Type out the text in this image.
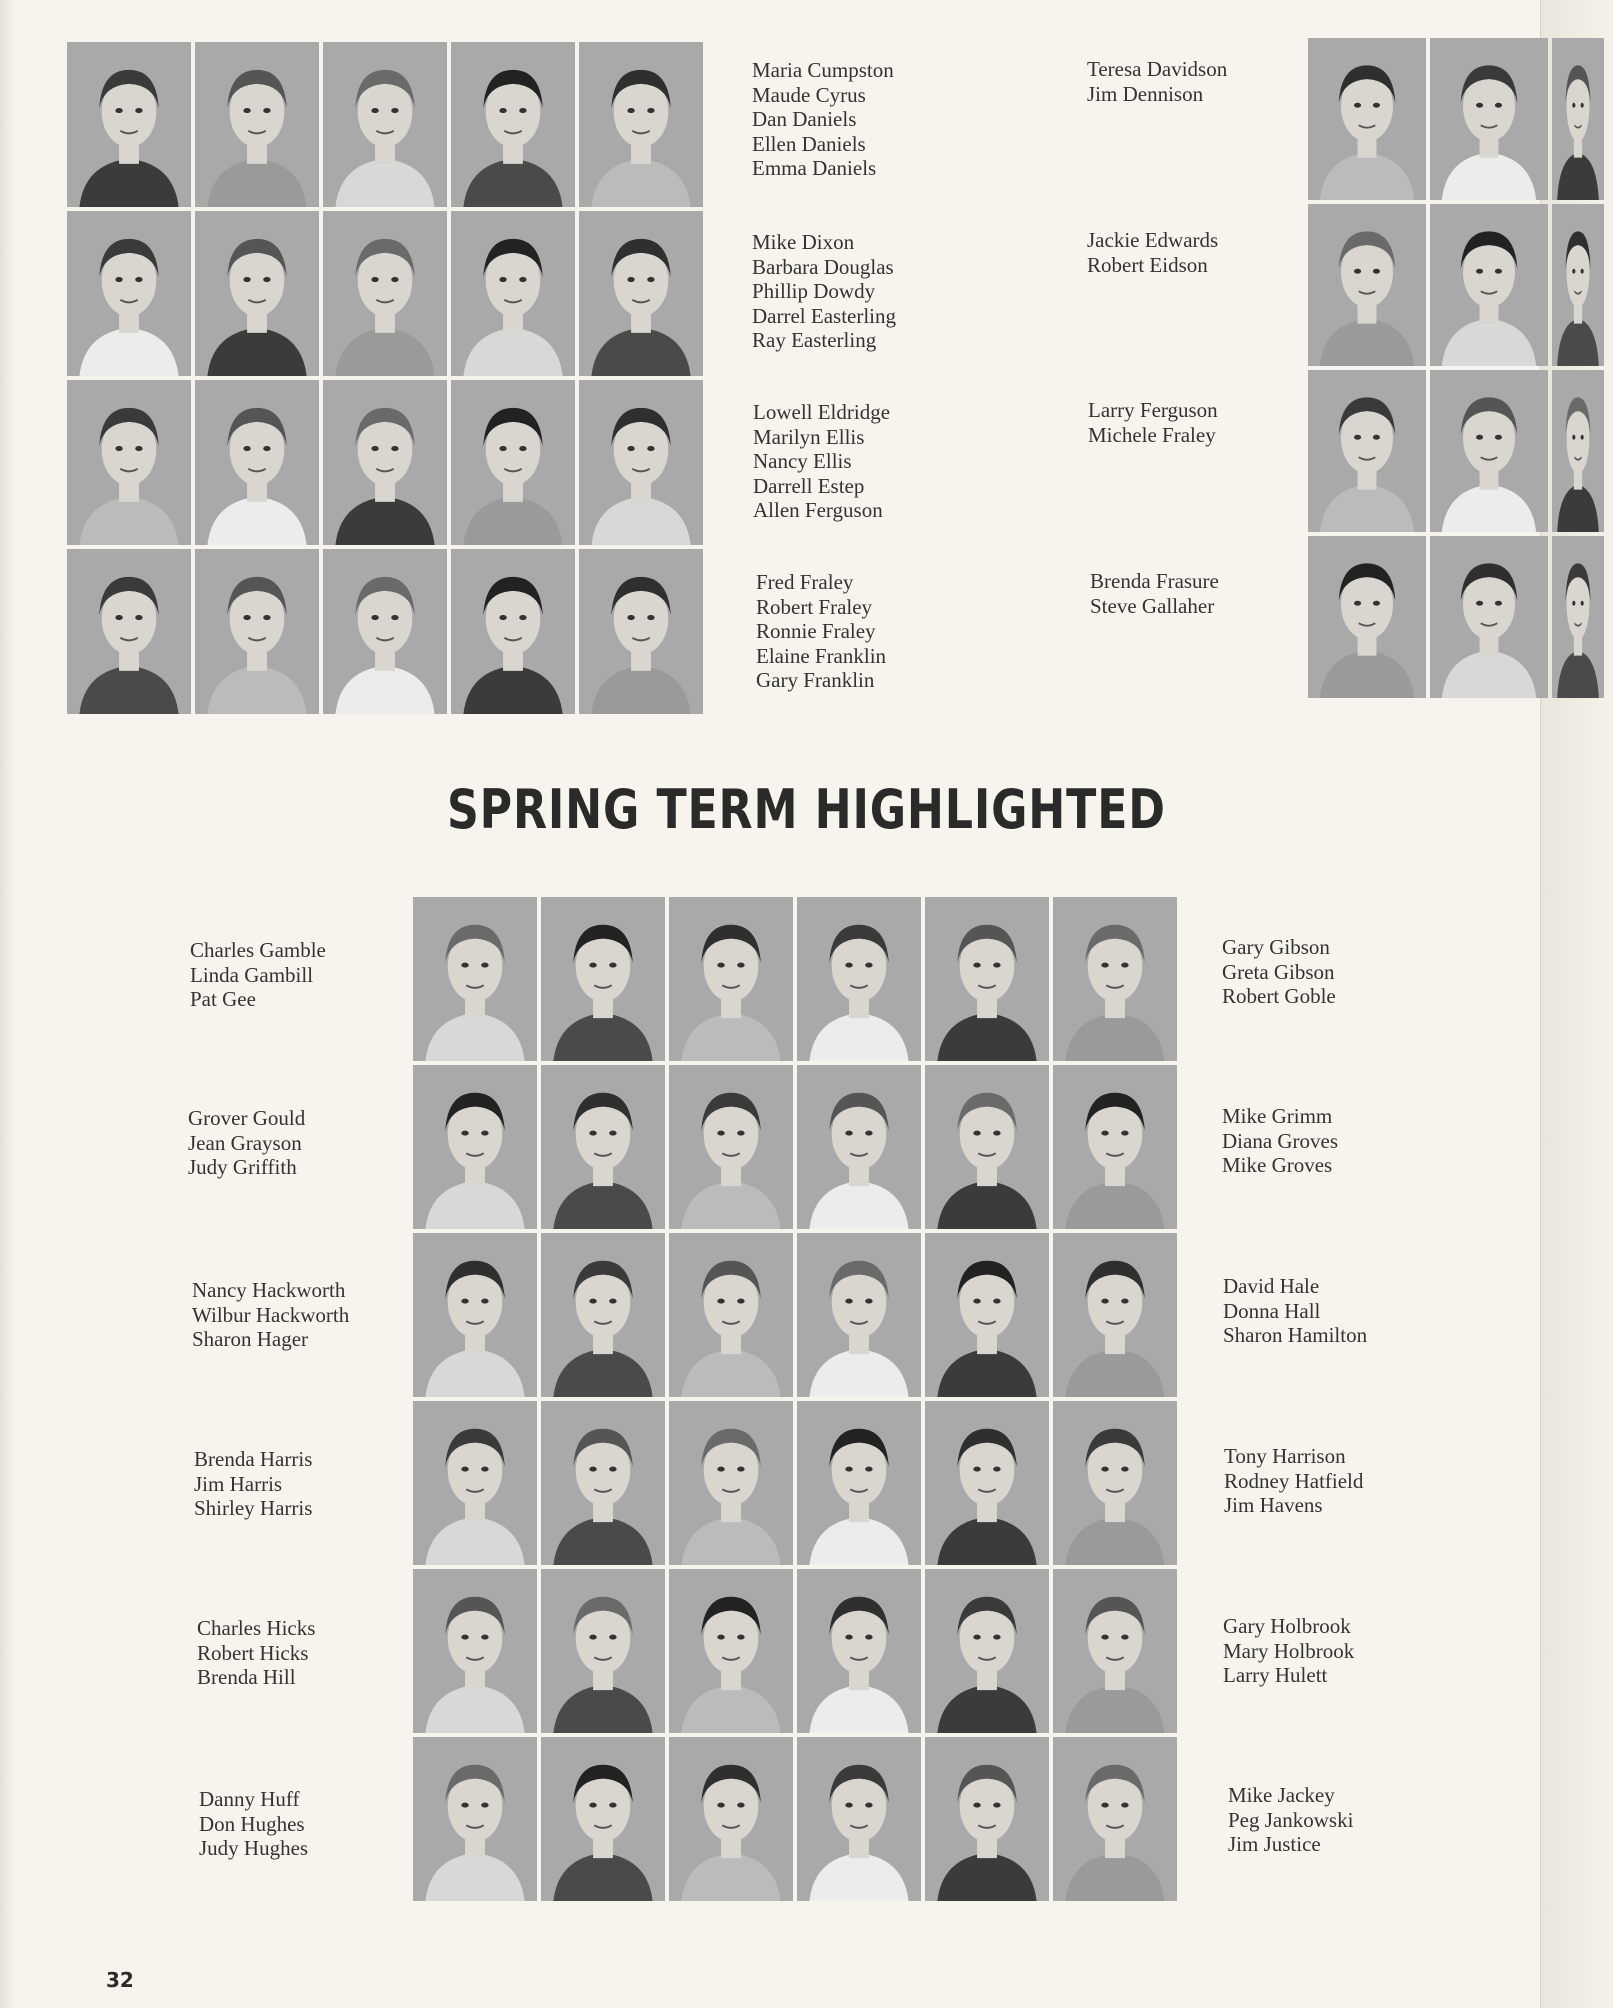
Maria Cumpston
Maude Cyrus
Dan Daniels
Ellen Daniels
Emma Daniels
Mike Dixon
Barbara Douglas
Phillip Dowdy
Darrel Easterling
Ray Easterling
Lowell Eldridge
Marilyn Ellis
Nancy Ellis
Darrell Estep
Allen Ferguson
Fred Fraley
Robert Fraley
Ronnie Fraley
Elaine Franklin
Gary Franklin
Teresa Davidson
Jim Dennison
Jackie Edwards
Robert Eidson
Larry Ferguson
Michele Fraley
Brenda Frasure
Steve Gallaher
SPRING TERM HIGHLIGHTED
Charles Gamble
Linda Gambill
Pat Gee
Grover Gould
Jean Grayson
Judy Griffith
Nancy Hackworth
Wilbur Hackworth
Sharon Hager
Brenda Harris
Jim Harris
Shirley Harris
Charles Hicks
Robert Hicks
Brenda Hill
Danny Huff
Don Hughes
Judy Hughes
Gary Gibson
Greta Gibson
Robert Goble
Mike Grimm
Diana Groves
Mike Groves
David Hale
Donna Hall
Sharon Hamilton
Tony Harrison
Rodney Hatfield
Jim Havens
Gary Holbrook
Mary Holbrook
Larry Hulett
Mike Jackey
Peg Jankowski
Jim Justice
32
